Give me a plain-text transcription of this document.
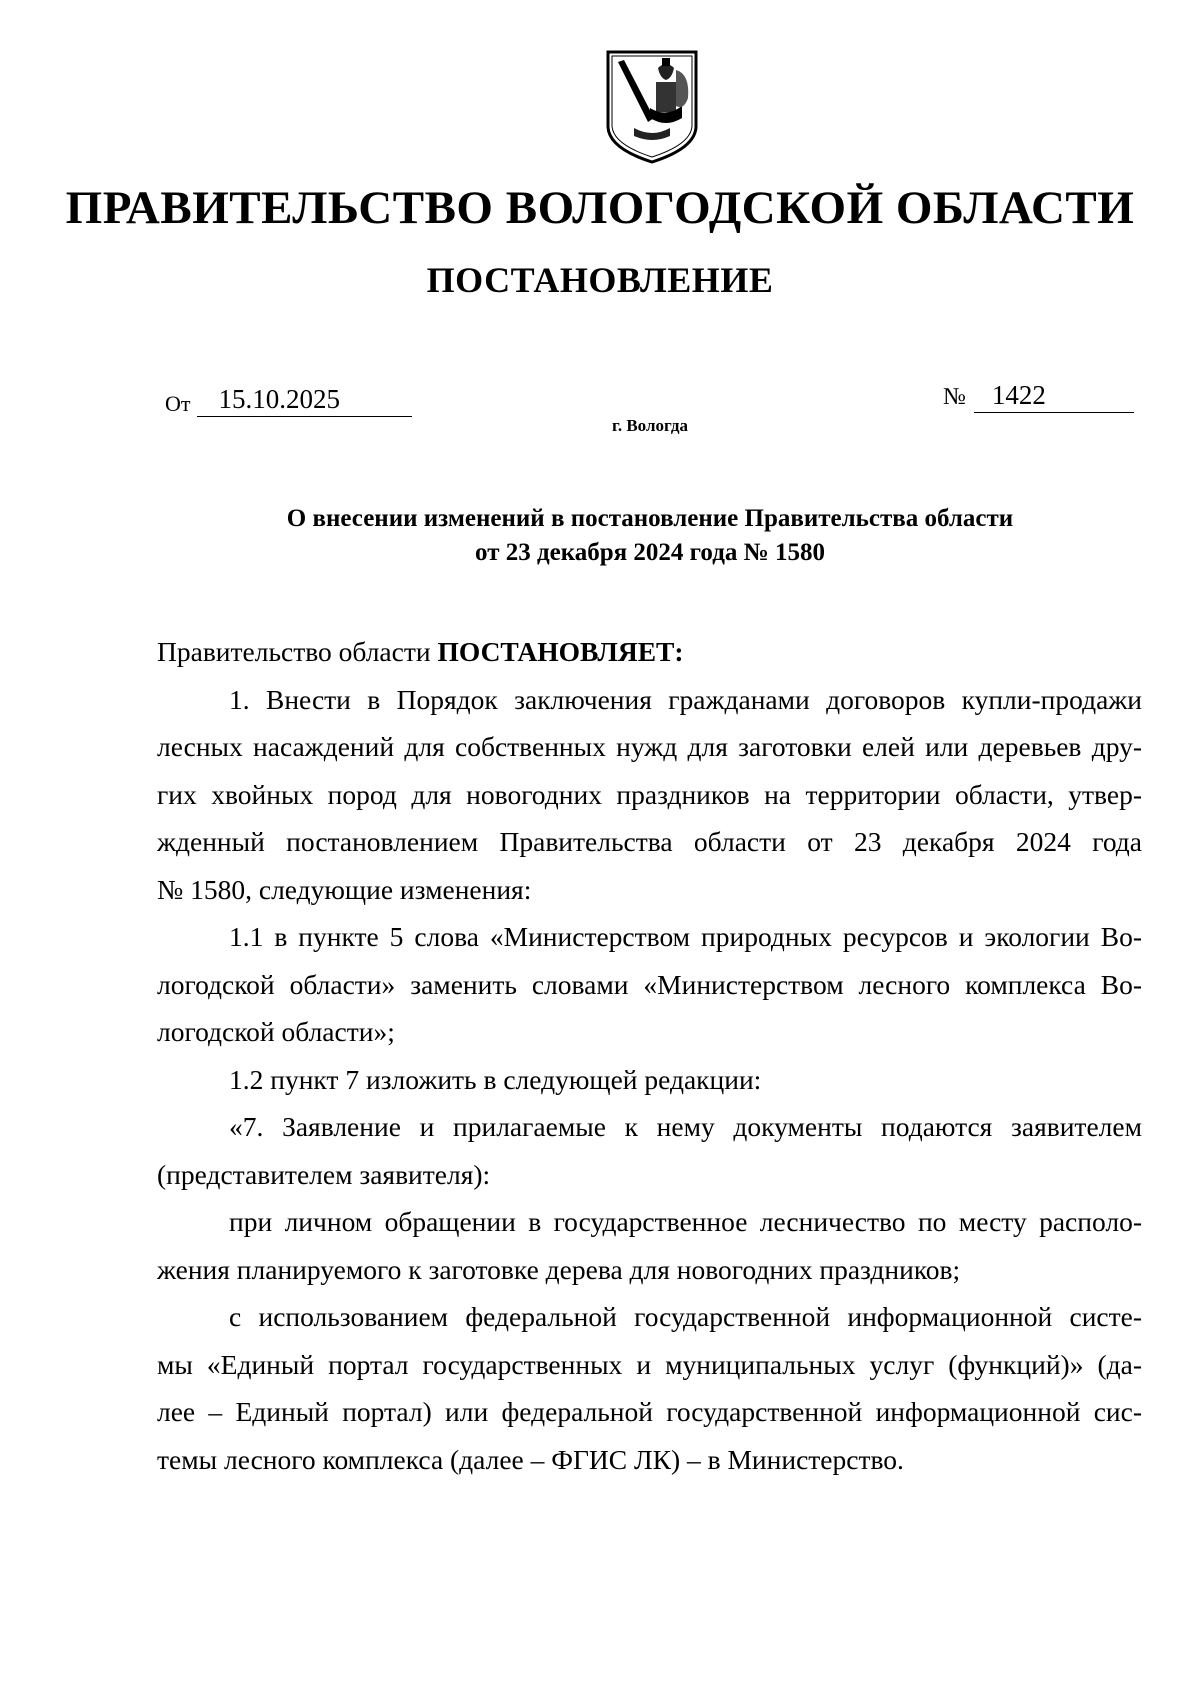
ПРАВИТЕЛЬСТВО ВОЛОГОДСКОЙ ОБЛАСТИ
ПОСТАНОВЛЕНИЕ
От 15.10.2025	№ 1422
г. Вологда
О внесении изменений в постановление Правительства области
от 23 декабря 2024 года № 1580

Правительство области ПОСТАНОВЛЯЕТ:

1. Внести в Порядок заключения гражданами договоров купли-продажи

лесных насаждений для собственных нужд для заготовки елей или деревьев дру-

гих хвойных пород для новогодних праздников на территории области, утвер-

жденный постановлением Правительства области от 23 декабря 2024 года

№ 1580, следующие изменения:

1.1 в пункте 5 слова «Министерством природных ресурсов и экологии Во-

логодской области» заменить словами «Министерством лесного комплекса Во-

логодской области»;

1.2 пункт 7 изложить в следующей редакции:

«7. Заявление и прилагаемые к нему документы подаются заявителем

(представителем заявителя):

при личном обращении в государственное лесничество по месту располо-

жения планируемого к заготовке дерева для новогодних праздников;

с использованием федеральной государственной информационной систе-

мы «Единый портал государственных и муниципальных услуг (функций)» (да-

лее – Единый портал) или федеральной государственной информационной сис-

темы лесного комплекса (далее – ФГИС ЛК) – в Министерство.
